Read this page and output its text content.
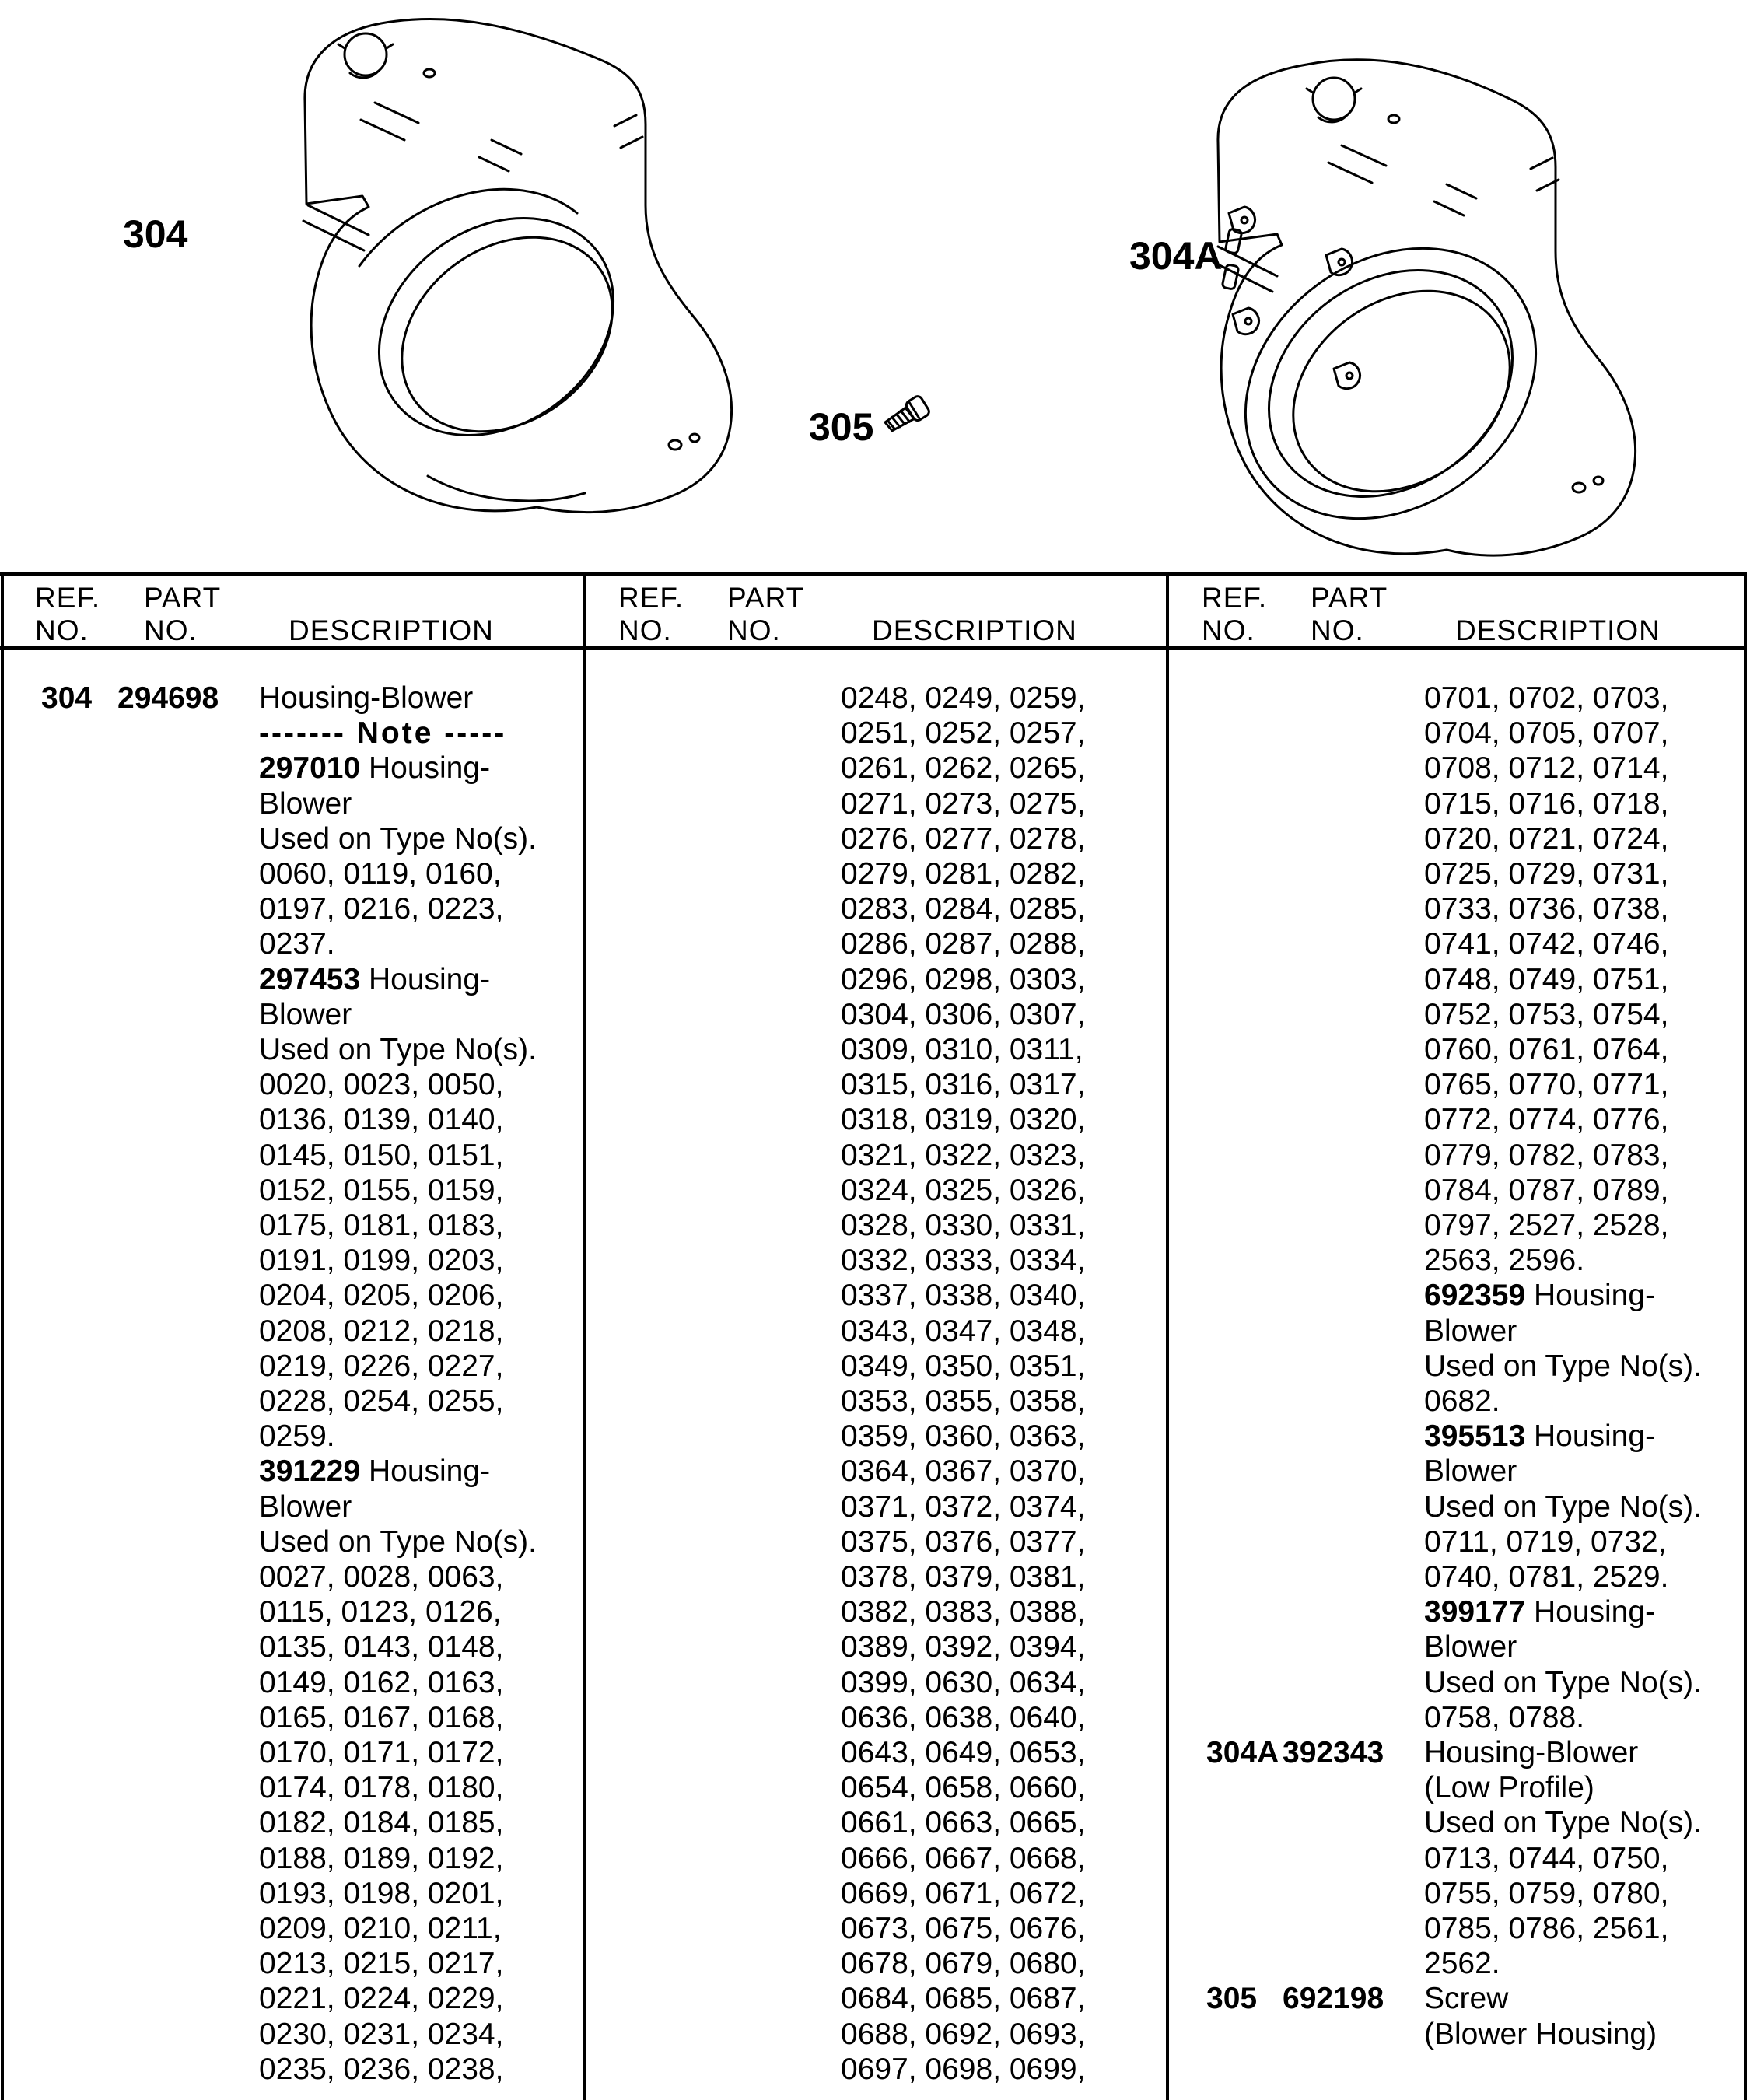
304	304A
305
REF.
NO.
PART
NO.	DESCRIPTION
REF.
NO.
PART
NO.	DESCRIPTION
REF.
NO.
PART
NO.	DESCRIPTION
304 294698 Housing-Blower
------- Note -----
297010 Housing-
Blower
Used on Type No(s).
0060, 0119, 0160,
0197, 0216, 0223,
0237.
297453 Housing-
Blower
Used on Type No(s).
0020, 0023, 0050,
0136, 0139, 0140,
0145, 0150, 0151,
0152, 0155, 0159,
0175, 0181, 0183,
0191, 0199, 0203,
0204, 0205, 0206,
0208, 0212, 0218,
0219, 0226, 0227,
0228, 0254, 0255,
0259.
391229 Housing-
Blower
Used on Type No(s).
0027, 0028, 0063,
0115, 0123, 0126,
0135, 0143, 0148,
0149, 0162, 0163,
0165, 0167, 0168,
0170, 0171, 0172,
0174, 0178, 0180,
0182, 0184, 0185,
0188, 0189, 0192,
0193, 0198, 0201,
0209, 0210, 0211,
0213, 0215, 0217,
0221, 0224, 0229,
0230, 0231, 0234,
0235, 0236, 0238,
0248, 0249, 0259,
0251, 0252, 0257,
0261, 0262, 0265,
0271, 0273, 0275,
0276, 0277, 0278,
0279, 0281, 0282,
0283, 0284, 0285,
0286, 0287, 0288,
0296, 0298, 0303,
0304, 0306, 0307,
0309, 0310, 0311,
0315, 0316, 0317,
0318, 0319, 0320,
0321, 0322, 0323,
0324, 0325, 0326,
0328, 0330, 0331,
0332, 0333, 0334,
0337, 0338, 0340,
0343, 0347, 0348,
0349, 0350, 0351,
0353, 0355, 0358,
0359, 0360, 0363,
0364, 0367, 0370,
0371, 0372, 0374,
0375, 0376, 0377,
0378, 0379, 0381,
0382, 0383, 0388,
0389, 0392, 0394,
0399, 0630, 0634,
0636, 0638, 0640,
0643, 0649, 0653,
0654, 0658, 0660,
0661, 0663, 0665,
0666, 0667, 0668,
0669, 0671, 0672,
0673, 0675, 0676,
0678, 0679, 0680,
0684, 0685, 0687,
0688, 0692, 0693,
0697, 0698, 0699,
0701, 0702, 0703,
0704, 0705, 0707,
0708, 0712, 0714,
0715, 0716, 0718,
0720, 0721, 0724,
0725, 0729, 0731,
0733, 0736, 0738,
0741, 0742, 0746,
0748, 0749, 0751,
0752, 0753, 0754,
0760, 0761, 0764,
0765, 0770, 0771,
0772, 0774, 0776,
0779, 0782, 0783,
0784, 0787, 0789,
0797, 2527, 2528,
2563, 2596.
692359 Housing-
Blower
Used on Type No(s).
0682.
395513 Housing-
Blower
Used on Type No(s).
0711, 0719, 0732,
0740, 0781, 2529.
399177 Housing-
Blower
Used on Type No(s).
0758, 0788.
304A 392343 Housing-Blower
(Low Profile)
Used on Type No(s).
0713, 0744, 0750,
0755, 0759, 0780,
0785, 0786, 2561,
2562.
305 692198 Screw
(Blower Housing)
